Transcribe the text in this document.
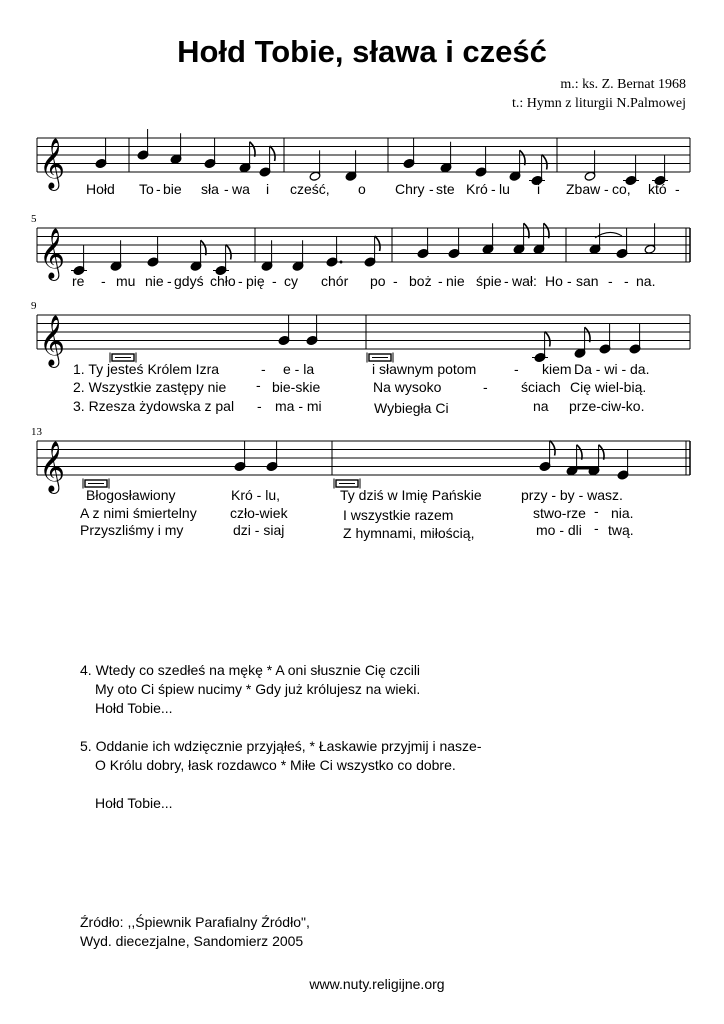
Hołd Tobie, sława i cześć
m.: ks. Z. Bernat 1968
t.: Hymn z liturgii N.Palmowej
𝄞
𝄞
5
𝄞
9
𝄞
13
Hołd To - bie sła - wa i cześć, o Chry - ste Kró - lu i Zbaw - co, któ -
re - mu nie - gdyś chło - pię - cy chór po - boż - nie śpie - wał: Ho - san - - na.
1. Ty jesteś Królem Izra	- e - la	i sławnym potom	- kiem Da - wi - da.
2. Wszystkie zastępy nie - bie-skie	Na wysoko	- ściach Cię wiel-bią.
3. Rzesza żydowska z pal - ma - mi	Wybiegła Ci	na prze-ciw-ko.
Błogosławiony	Kró - lu,	Ty dziś w Imię Pańskie	przy - by - wasz.
A z nimi śmiertelny czło-wiek	I wszystkie razem	stwo-rze - nia.
Przyszliśmy i my	dzi - siaj	Z hymnami, miłością,	mo - dli - twą.
4. Wtedy co szedłeś na mękę * A oni słusznie Cię czcili
My oto Ci śpiew nucimy * Gdy już królujesz na wieki.
Hołd Tobie...
5. Oddanie ich wdzięcznie przyjąłeś, * Łaskawie przyjmij i nasze-
O Królu dobry, łask rozdawco * Miłe Ci wszystko co dobre.
Hołd Tobie...
Źródło: ,,Śpiewnik Parafialny Źródło",
Wyd. diecezjalne, Sandomierz 2005
www.nuty.religijne.org
